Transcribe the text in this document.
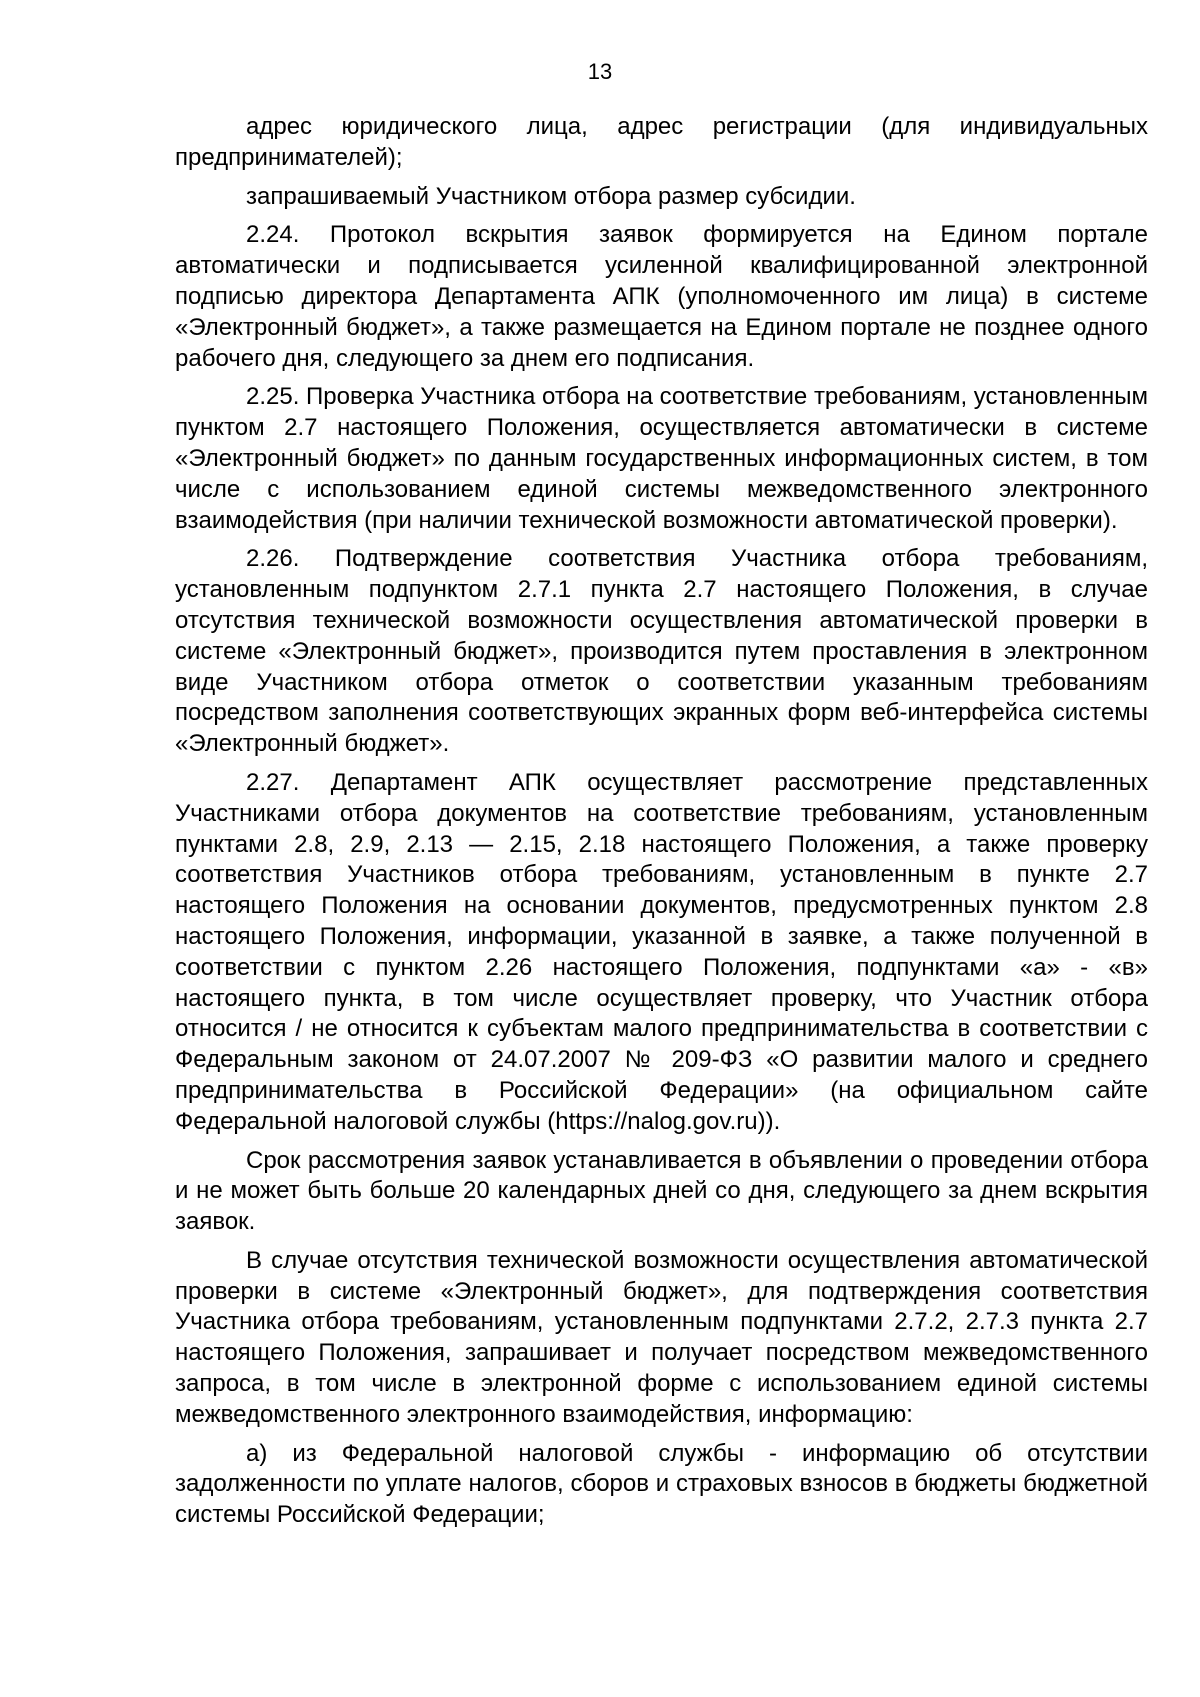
13

адрес юридического лица, адрес регистрации (для индивидуальных предпринимателей);

запрашиваемый Участником отбора размер субсидии.

2.24. Протокол вскрытия заявок формируется на Едином портале автоматически и подписывается усиленной квалифицированной электронной подписью директора Департамента АПК (уполномоченного им лица) в системе «Электронный бюджет», а также размещается на Едином портале не позднее одного рабочего дня, следующего за днем его подписания.

2.25. Проверка Участника отбора на соответствие требованиям, установленным пунктом 2.7 настоящего Положения, осуществляется автоматически в системе «Электронный бюджет» по данным государственных информационных систем, в том числе с использованием единой системы межведомственного электронного взаимодействия (при наличии технической возможности автоматической проверки).

2.26. Подтверждение соответствия Участника отбора требованиям, установленным подпунктом 2.7.1 пункта 2.7 настоящего Положения, в случае отсутствия технической возможности осуществления автоматической проверки в системе «Электронный бюджет», производится путем проставления в электронном виде Участником отбора отметок о соответствии указанным требованиям посредством заполнения соответствующих экранных форм веб-интерфейса системы «Электронный бюджет».

2.27. Департамент АПК осуществляет рассмотрение представленных Участниками отбора документов на соответствие требованиям, установленным пунктами 2.8, 2.9, 2.13 — 2.15, 2.18 настоящего Положения, а также проверку соответствия Участников отбора требованиям, установленным в пункте 2.7 настоящего Положения на основании документов, предусмотренных пунктом 2.8 настоящего Положения, информации, указанной в заявке, а также полученной в соответствии с пунктом 2.26 настоящего Положения, подпунктами «а» - «в» настоящего пункта, в том числе осуществляет проверку, что Участник отбора относится / не относится к субъектам малого предпринимательства в соответствии с Федеральным законом от 24.07.2007 № 209-ФЗ «О развитии малого и среднего предпринимательства в Российской Федерации» (на официальном сайте Федеральной налоговой службы (https://nalog.gov.ru)).

Срок рассмотрения заявок устанавливается в объявлении о проведении отбора и не может быть больше 20 календарных дней со дня, следующего за днем вскрытия заявок.

В случае отсутствия технической возможности осуществления автоматической проверки в системе «Электронный бюджет», для подтверждения соответствия Участника отбора требованиям, установленным подпунктами 2.7.2, 2.7.3 пункта 2.7 настоящего Положения, запрашивает и получает посредством межведомственного запроса, в том числе в электронной форме с использованием единой системы межведомственного электронного взаимодействия, информацию:

а) из Федеральной налоговой службы - информацию об отсутствии задолженности по уплате налогов, сборов и страховых взносов в бюджеты бюджетной системы Российской Федерации;
